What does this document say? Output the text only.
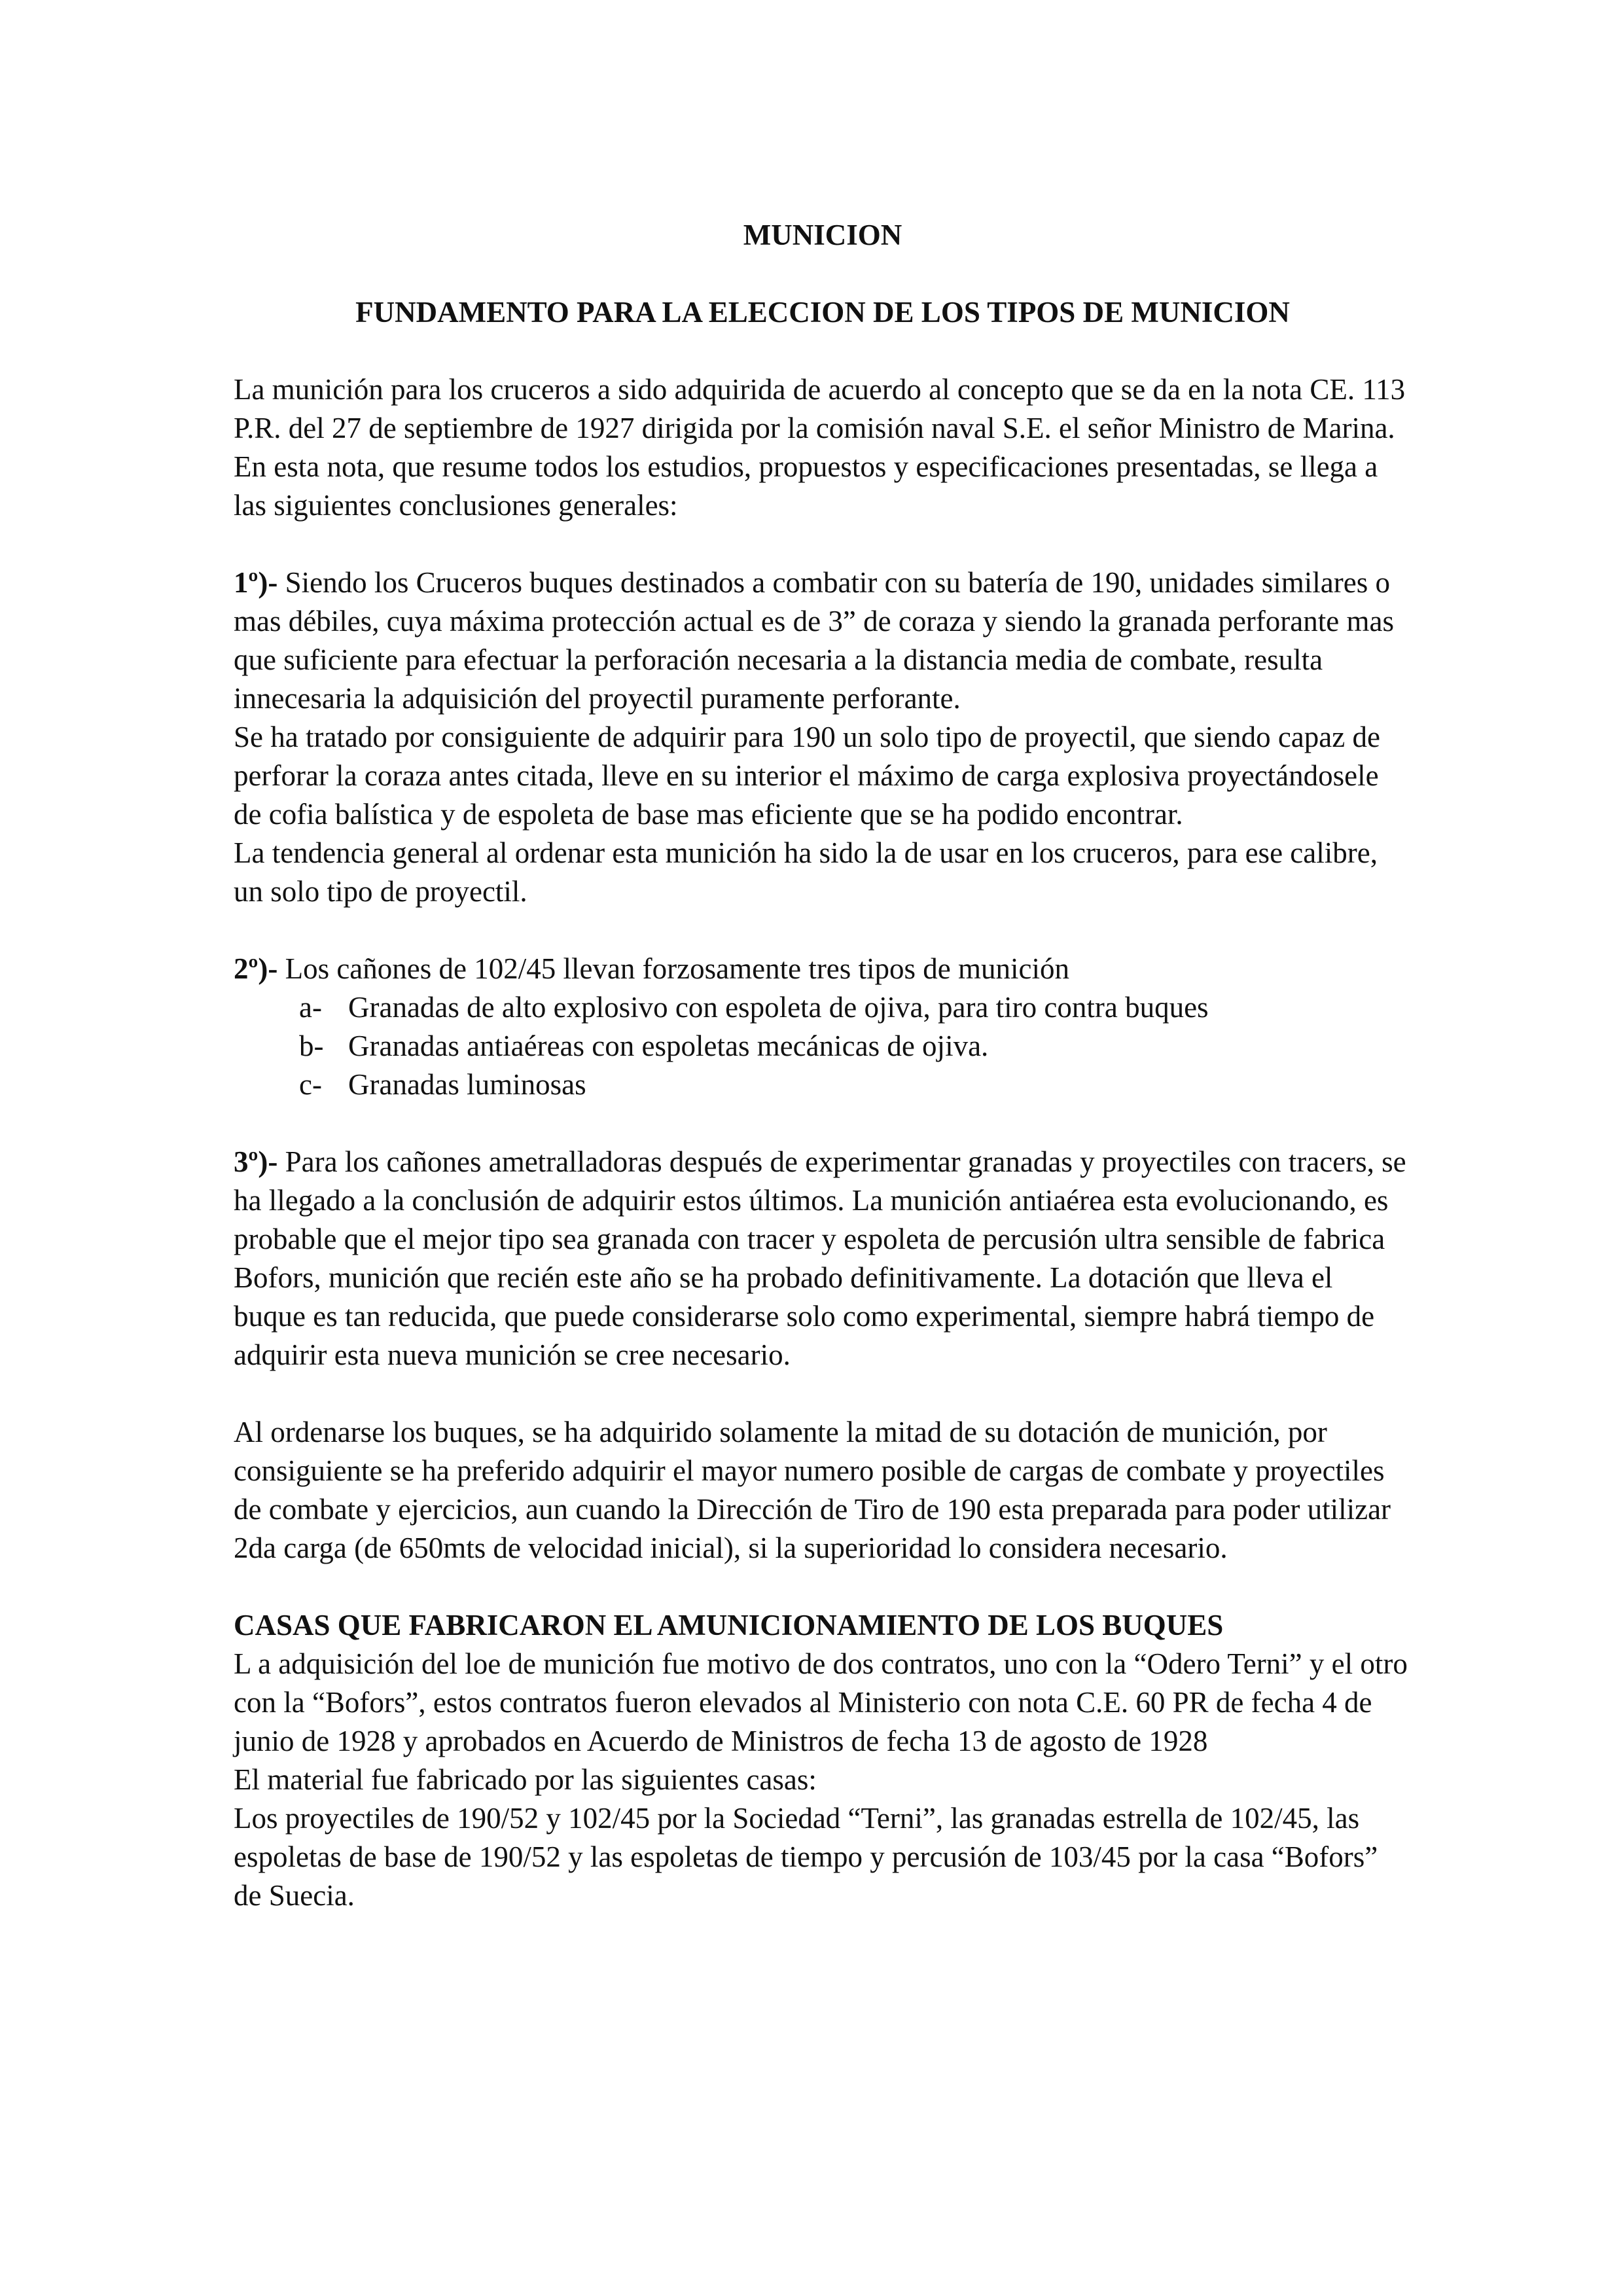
MUNICION
FUNDAMENTO PARA LA ELECCION DE LOS TIPOS DE MUNICION

La munición para los cruceros a sido adquirida de acuerdo al concepto que se da en la nota CE. 113 P.R. del 27 de septiembre de 1927 dirigida por la comisión naval S.E. el señor Ministro de Marina. En esta nota, que resume todos los estudios, propuestos y especificaciones presentadas, se llega a las siguientes conclusiones generales:

1º)- Siendo los Cruceros buques destinados a combatir con su batería de 190, unidades similares o mas débiles, cuya máxima protección actual es de 3” de coraza y siendo la granada perforante mas que suficiente para efectuar la perforación necesaria a la distancia media de combate, resulta innecesaria la adquisición del proyectil puramente perforante.

Se ha tratado por consiguiente de adquirir para 190 un solo tipo de proyectil, que siendo capaz de perforar la coraza antes citada, lleve en su interior el máximo de carga explosiva proyectándosele de cofia balística y de espoleta de base mas eficiente que se ha podido encontrar.

La tendencia general al ordenar esta munición ha sido la de usar en los cruceros, para ese calibre, un solo tipo de proyectil.

2º)- Los cañones de 102/45 llevan forzosamente tres tipos de munición

a- Granadas de alto explosivo con espoleta de ojiva, para tiro contra buques
b- Granadas antiaéreas con espoletas mecánicas de ojiva.
c- Granadas luminosas

3º)- Para los cañones ametralladoras después de experimentar granadas y proyectiles con tracers, se ha llegado a la conclusión de adquirir estos últimos. La munición antiaérea esta evolucionando, es probable que el mejor tipo sea granada con tracer y espoleta de percusión ultra sensible de fabrica Bofors, munición que recién este año se ha probado definitivamente. La dotación que lleva el buque es tan reducida, que puede considerarse solo como experimental, siempre habrá tiempo de adquirir esta nueva munición se cree necesario.

Al ordenarse los buques, se ha adquirido solamente la mitad de su dotación de munición, por consiguiente se ha preferido adquirir el mayor numero posible de cargas de combate y proyectiles de combate y ejercicios, aun cuando la Dirección de Tiro de 190 esta preparada para poder utilizar 2da carga (de 650mts de velocidad inicial), si la superioridad lo considera necesario.

CASAS QUE FABRICARON EL AMUNICIONAMIENTO DE LOS BUQUES

L a adquisición del loe de munición fue motivo de dos contratos, uno con la “Odero Terni” y el otro con la “Bofors”, estos contratos fueron elevados al Ministerio con nota C.E. 60 PR de fecha 4 de junio de 1928 y aprobados en Acuerdo de Ministros de fecha 13 de agosto de 1928

El material fue fabricado por las siguientes casas:

Los proyectiles de 190/52 y 102/45 por la Sociedad “Terni”, las granadas estrella de 102/45, las espoletas de base de 190/52 y las espoletas de tiempo y percusión de 103/45 por la casa “Bofors” de Suecia.
